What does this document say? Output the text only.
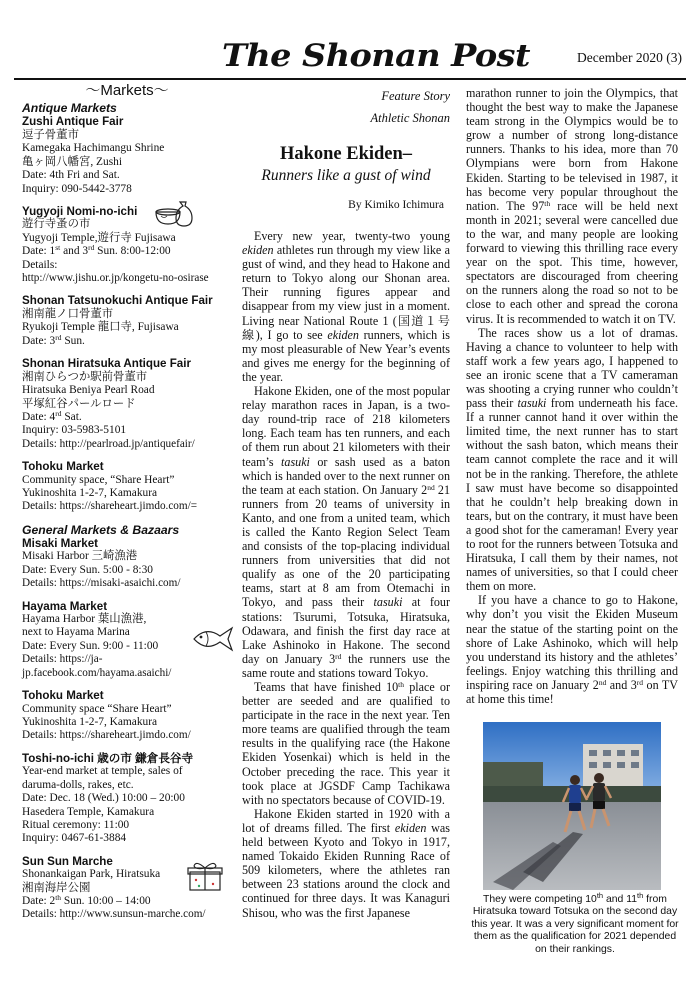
The Shonan Post	December 2020 (3)
〜Markets〜
Antique Markets
Zushi Antique Fair
逗子骨董市
Kamegaka Hachimangu Shrine
亀ヶ岡八幡宮, Zushi
Date: 4th Fri and Sat.
Inquiry: 090-5442-3778
Yugyoji Nomi-no-ichi
遊行寺蚤の市
Yugyoji Temple,遊行寺 Fujisawa
Date: 1st and 3rd Sun. 8:00-12:00
Details:
http://www.jishu.or.jp/kongetu-no-osirase
Shonan Tatsunokuchi Antique Fair
湘南龍ノ口骨董市
Ryukoji Temple 龍口寺, Fujisawa
Date: 3rd Sun.
Shonan Hiratsuka Antique Fair
湘南ひらつか駅前骨董市
Hiratsuka Beniya Pearl Road
平塚紅谷パールロード
Date: 4rd Sat.
Inquiry: 03-5983-5101
Details: http://pearlroad.jp/antiquefair/
Tohoku Market
Community space, “Share Heart”
Yukinoshita 1-2-7, Kamakura
Details: https://shareheart.jimdo.com/=
General Markets & Bazaars
Misaki Market
Misaki Harbor 三崎漁港
Date: Every Sun. 5:00 - 8:30
Details: https://misaki-asaichi.com/
Hayama Market
Hayama Harbor 葉山漁港,
next to Hayama Marina
Date: Every Sun. 9:00 - 11:00
Details: https://ja-
jp.facebook.com/hayama.asaichi/
Tohoku Market
Community space “Share Heart”
Yukinoshita 1-2-7, Kamakura
Details: https://shareheart.jimdo.com/
Toshi-no-ichi 歳の市 鎌倉長谷寺
Year-end market at temple, sales of
daruma-dolls, rakes, etc.
Date: Dec. 18 (Wed.) 10:00 – 20:00
Hasedera Temple, Kamakura
Ritual ceremony: 11:00
Inquiry: 0467-61-3884
Sun Sun Marche
Shonankaigan Park, Hiratsuka
湘南海岸公園
Date: 2th Sun. 10:00 – 14:00
Details: http://www.sunsun-marche.com/
Feature Story
Athletic Shonan
Hakone Ekiden–
Runners like a gust of wind
By Kimiko Ichimura

Every new year, twenty-two young ekiden athletes run through my view like a gust of wind, and they head to Hakone and return to Tokyo along our Shonan area. Their running figures appear and disappear from my view just in a moment. Living near National Route 1 (国道１号線), I go to see ekiden runners, which is my most pleasurable of New Year’s events and gives me energy for the beginning of the year.

Hakone Ekiden, one of the most popular relay marathon races in Japan, is a two-day round-trip race of 218 kilometers long. Each team has ten runners, and each of them run about 21 kilometers with their team’s tasuki or sash used as a baton which is handed over to the next runner on the team at each station. On January 2nd 21 runners from 20 teams of university in Kanto, and one from a united team, which is called the Kanto Region Select Team and consists of the top-placing individual runners from universities that did not qualify as one of the 20 participating teams, start at 8 am from Otemachi in Tokyo, and pass their tasuki at four stations: Tsurumi, Totsuka, Hiratsuka, Odawara, and finish the first day race at Lake Ashinoko in Hakone. The second day on January 3rd the runners use the same route and stations toward Tokyo.

Teams that have finished 10th place or better are seeded and are qualified to participate in the race in the next year. Ten more teams are qualified through the team results in the qualifying race (the Hakone Ekiden Yosenkai) which is held in the October preceding the race. This year it took place at JGSDF Camp Tachikawa with no spectators because of COVID-19.

Hakone Ekiden started in 1920 with a lot of dreams filled. The first ekiden was held between Kyoto and Tokyo in 1917, named Tokaido Ekiden Running Race of 509 kilometers, where the athletes ran between 23 stations around the clock and continued for three days. It was Kanaguri Shisou, who was the first Japanese

marathon runner to join the Olympics, that thought the best way to make the Japanese team strong in the Olympics would be to grow a number of strong long-distance runners. Thanks to his idea, more than 70 Olympians were born from Hakone Ekiden. Starting to be televised in 1987, it has become very popular throughout the nation. The 97th race will be held next month in 2021; several were cancelled due to the war, and many people are looking forward to viewing this thrilling race every year on the spot. This time, however, spectators are discouraged from cheering on the runners along the road so not to be close to each other and spread the corona virus. It is recommended to watch it on TV.

The races show us a lot of dramas. Having a chance to volunteer to help with staff work a few years ago, I happened to see an ironic scene that a TV cameraman was shooting a crying runner who couldn’t pass their tasuki from underneath his face. If a runner cannot hand it over within the limited time, the next runner has to start without the sash baton, which means their team cannot complete the race and it will not be in the ranking. Therefore, the athlete I saw must have become so disappointed that he couldn’t help breaking down in tears, but on the contrary, it must have been a good shot for the cameraman! Every year to root for the runners between Totsuka and Hiratsuka, I call them by their names, not names of universities, so that I could cheer them on more.

If you have a chance to go to Hakone, why don’t you visit the Ekiden Museum near the statue of the starting point on the shore of Lake Ashinoko, which will help you understand its history and the athletes’ feelings. Enjoy watching this thrilling and inspiring race on January 2nd and 3rd on TV at home this time!

They were competing 10th and 11th from Hiratsuka toward Totsuka on the second day this year. It was a very significant moment for them as the qualification for 2021 depended on their rankings.
